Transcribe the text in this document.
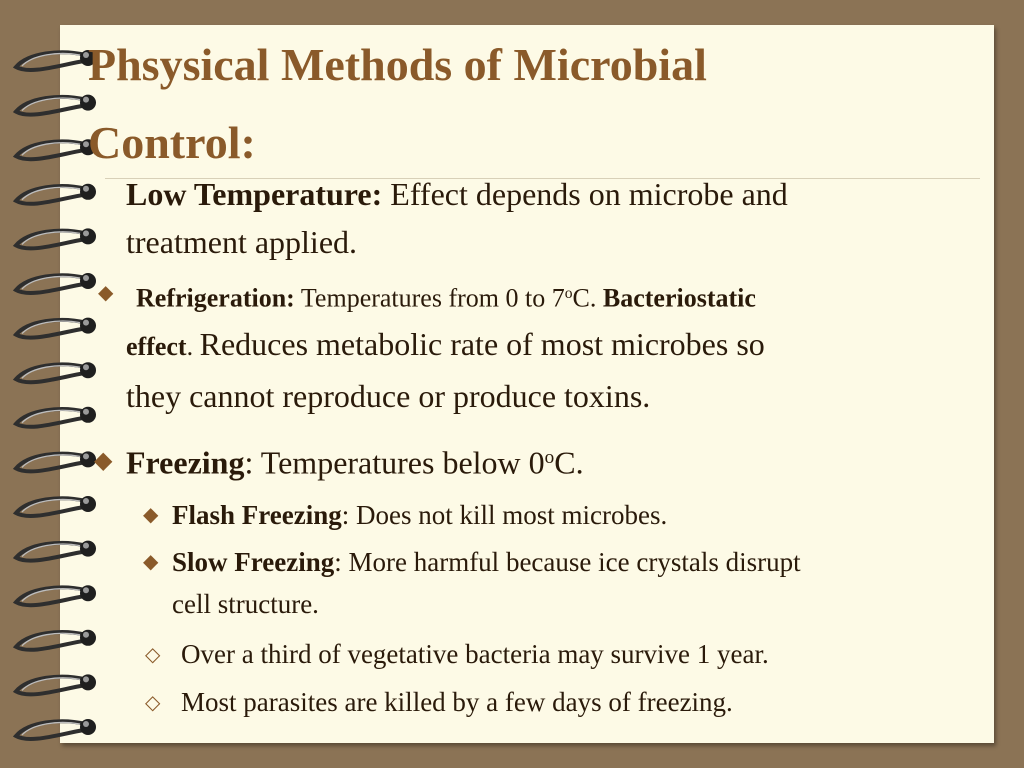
Phsysical Methods of Microbial
Control:

Low Temperature: Effect depends on microbe and

treatment applied.

◆ Refrigeration: Temperatures from 0 to 7$^o$C. Bacteriostatic

effect. Reduces metabolic rate of most microbes so

they cannot reproduce or produce toxins.

◆ Freezing: Temperatures below 0$^o$C.

◆ Flash Freezing: Does not kill most microbes.

◆ Slow Freezing: More harmful because ice crystals disrupt

cell structure.

◇ Over a third of vegetative bacteria may survive 1 year.

◇ Most parasites are killed by a few days of freezing.
